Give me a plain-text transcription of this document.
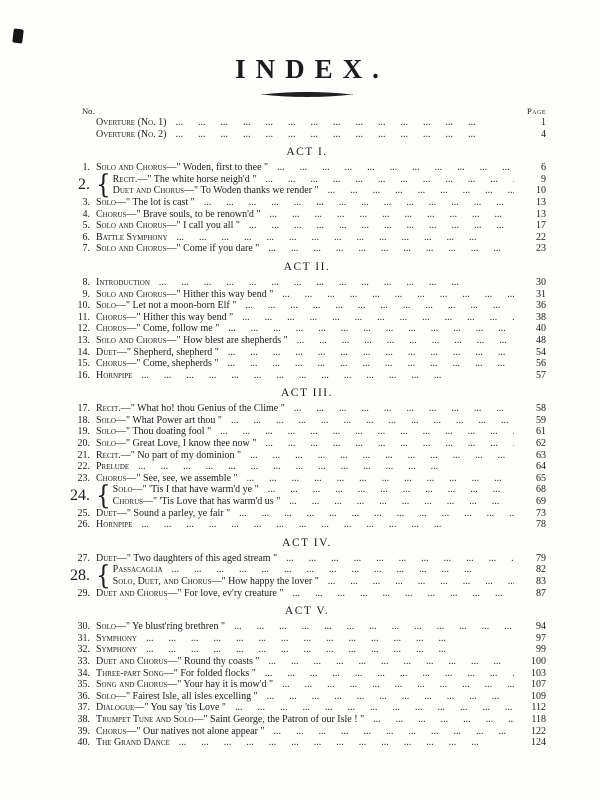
INDEX.
No.	Page
Overture (No. 1) ...	1
Overture (No. 2) ...	4
ACT I.
1. Solo and Chorus— " Woden, first to thee " ...	6
2. { Recit.— " The white horse neigh'd " ...	9
Duet and Chorus— " To Woden thanks we render " ...	10
3. Solo— " The lot is cast " ...	13
4. Chorus— " Brave souls, to be renown'd " ...	13
5. Solo and Chorus— " I call you all " ...	17
6. Battle Symphony ...	22
7. Solo and Chorus— " Come if you dare " ...	23
ACT II.
8. Introduction ...	30
9. Solo and Chorus— " Hither this way bend " ...	31
10. Solo— " Let not a moon-born Elf " ...	36
11. Chorus— " Hither this way bend " ...	38
12. Chorus— " Come, follow me " ...	40
13. Solo and Chorus— " How blest are shepherds " ...	48
14. Duet— " Shepherd, shepherd " ...	54
15. Chorus— " Come, shepherds " ...	56
16. Hornpipe ...	57
ACT III.
17. Recit.— " What ho! thou Genius of the Clime " ...	58
18. Solo— " What Power art thou " ...	59
19. Solo— " Thou doating fool " ...	61
20. Solo— " Great Love, I know thee now " ...	62
21. Recit.— " No part of my dominion " ...	63
22. Prelude ...	64
23. Chorus— " See, see, we assemble " ...	65
24. { Solo— " 'Tis I that have warm'd ye " ...	68
Chorus— " 'Tis Love that has warm'd us " ...	69
25. Duet— " Sound a parley, ye fair " ...	73
26. Hornpipe ...	78
ACT IV.
27. Duet— " Two daughters of this aged stream " ...	79
28. { Passacaglia ...	82
Solo, Duet, and Chorus— " How happy the lover " ...	83
29. Duet and Chorus— " For love, ev'ry creature " ...	87
ACT V.
30. Solo— " Ye blust'ring brethren " ...	94
31. Symphony ...	97
32. Symphony ...	99
33. Duet and Chorus— " Round thy coasts " ...	100
34. Three-part Song— " For folded flocks " ...	103
35. Song and Chorus— " Your hay it is mow'd " ...	107
36. Solo— " Fairest Isle, all isles excelling " ...	109
37. Dialogue— " You say 'tis Love " ...	112
38. Trumpet Tune and Solo— " Saint George, the Patron of our Isle ! " ...	118
39. Chorus— " Our natives not alone appear " ...	122
40. The Grand Dance ...	124
